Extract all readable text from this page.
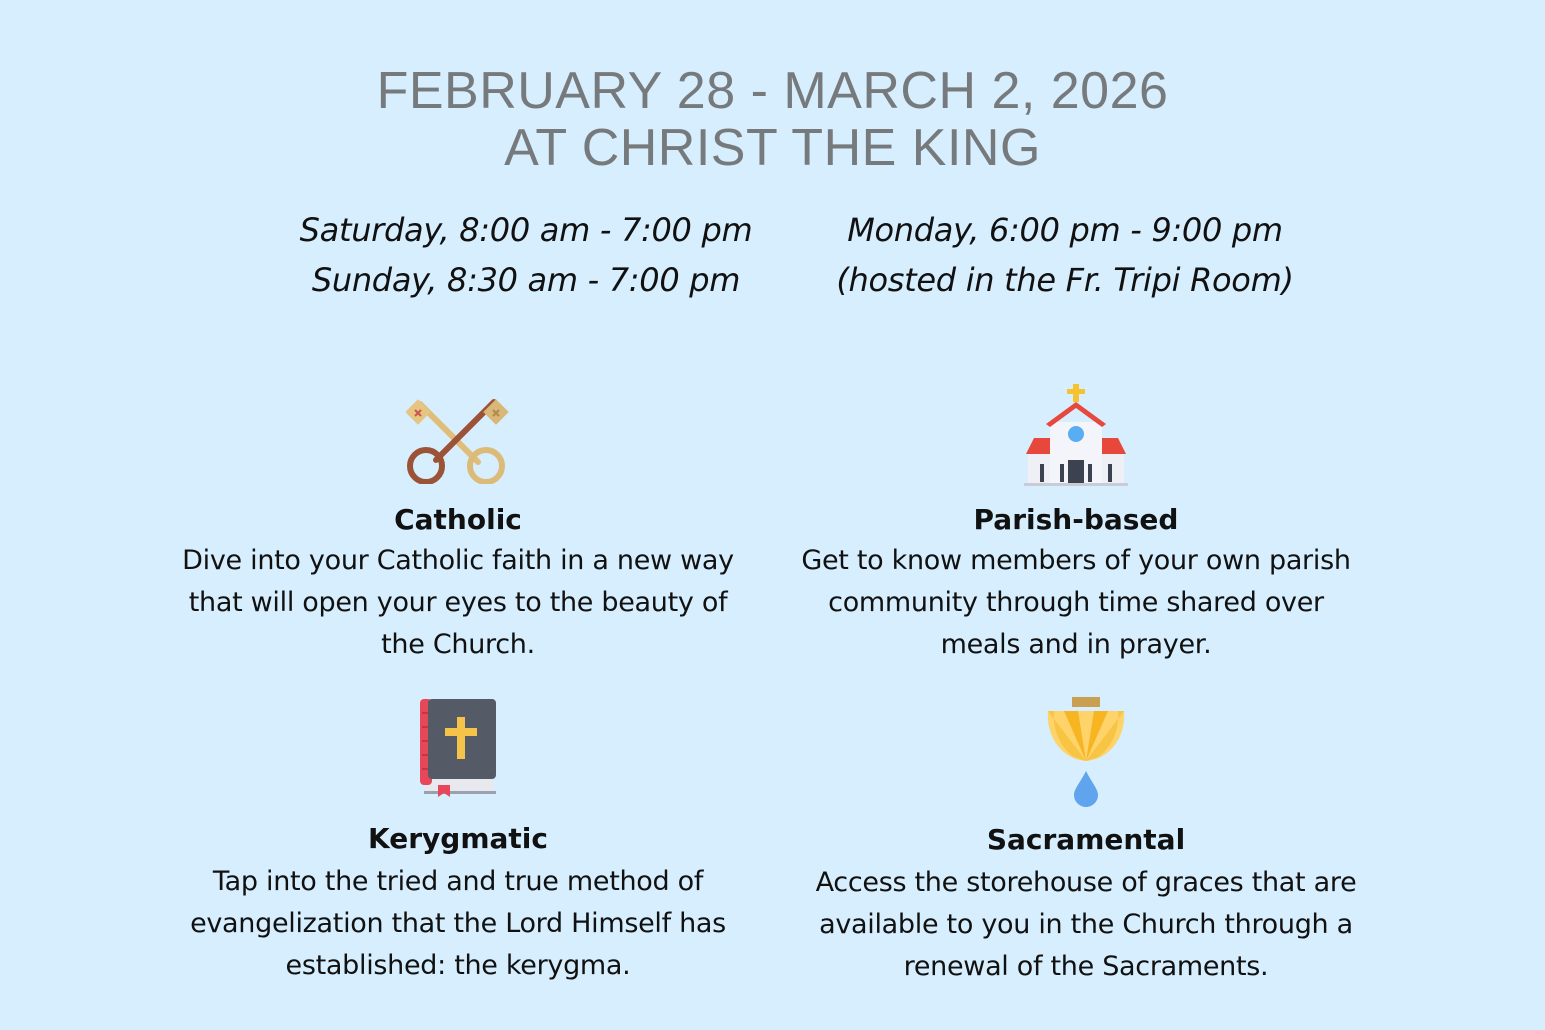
FEBRUARY 28 - MARCH 2, 2026
AT CHRIST THE KING
Saturday, 8:00 am - 7:00 pm
Sunday, 8:30 am - 7:00 pm
Monday, 6:00 pm - 9:00 pm
(hosted in the Fr. Tripi Room)
Catholic
Dive into your Catholic faith in a new way
that will open your eyes to the beauty of
the Church.
Parish-based
Get to know members of your own parish
community through time shared over
meals and in prayer.
Kerygmatic
Tap into the tried and true method of
evangelization that the Lord Himself has
established: the kerygma.
Sacramental
Access the storehouse of graces that are
available to you in the Church through a
renewal of the Sacraments.
